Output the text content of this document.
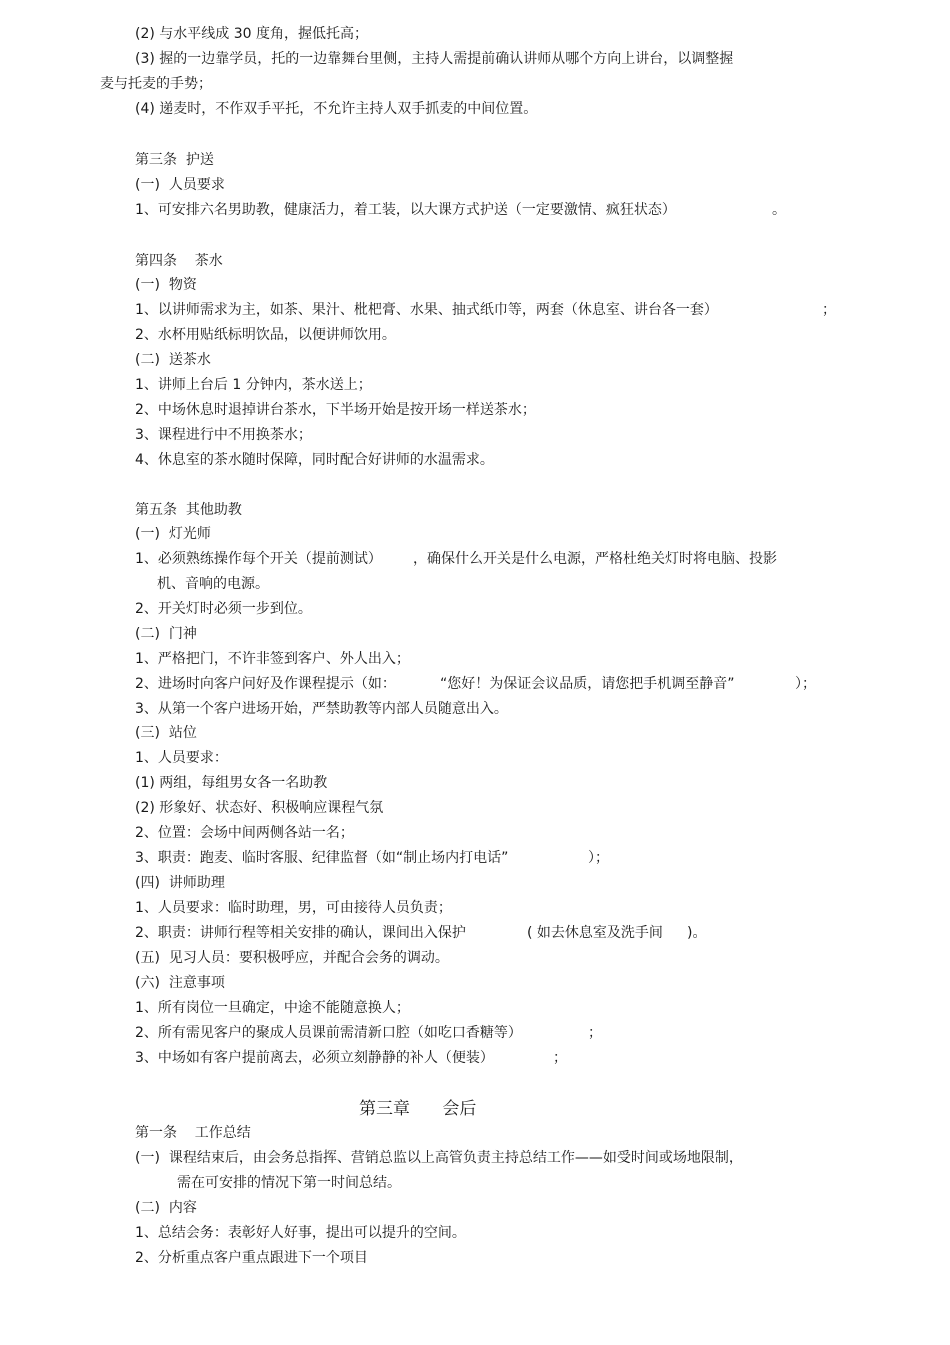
(2) 与水平线成 30 度角，握低托高；
(3) 握的一边靠学员，托的一边靠舞台里侧，主持人需提前确认讲师从哪个方向上讲台，以调整握
麦与托麦的手势；
(4) 递麦时，不作双手平托，不允许主持人双手抓麦的中间位置。
第三条  护送
(一)  人员要求
1、可安排六名男助教，健康活力，着工装，以大课方式护送（一定要激情、疯狂状态）	。
第四条    茶水
(一)  物资
1、以讲师需求为主，如茶、果汁、枇杷膏、水果、抽式纸巾等，两套（休息室、讲台各一套）	；
2、水杯用贴纸标明饮品，以便讲师饮用。
(二)  送茶水
1、讲师上台后 1 分钟内，茶水送上；
2、中场休息时退掉讲台茶水，下半场开始是按开场一样送茶水；
3、课程进行中不用换茶水；
4、休息室的茶水随时保障，同时配合好讲师的水温需求。
第五条  其他助教
(一)  灯光师
1、必须熟练操作每个开关（提前测试） ，确保什么开关是什么电源，严格杜绝关灯时将电脑、投影
机、音响的电源。
2、开关灯时必须一步到位。
(二)  门神
1、严格把门，不许非签到客户、外人出入；
2、进场时向客户问好及作课程提示（如：	“您好！为保证会议品质，请您把手机调至静音”	）；
3、从第一个客户进场开始，严禁助教等内部人员随意出入。
(三)  站位
1、人员要求：
(1) 两组，每组男女各一名助教
(2) 形象好、状态好、积极响应课程气氛
2、位置：会场中间两侧各站一名；
3、职责：跑麦、临时客服、纪律监督（如“制止场内打电话”	）；
(四)  讲师助理
1、人员要求：临时助理，男，可由接待人员负责；
2、职责：讲师行程等相关安排的确认，课间出入保护	( 如去休息室及洗手间 )。
(五)  见习人员：要积极呼应，并配合会务的调动。
(六)  注意事项
1、所有岗位一旦确定，中途不能随意换人；
2、所有需见客户的聚成人员课前需清新口腔（如吃口香糖等）	；
3、中场如有客户提前离去，必须立刻静静的补人（便装）	；
第三章      会后
第一条    工作总结
(一)  课程结束后，由会务总指挥、营销总监以上高管负责主持总结工作——如受时间或场地限制，
需在可安排的情况下第一时间总结。
(二)  内容
1、总结会务：表彰好人好事，提出可以提升的空间。
2、分析重点客户重点跟进下一个项目
